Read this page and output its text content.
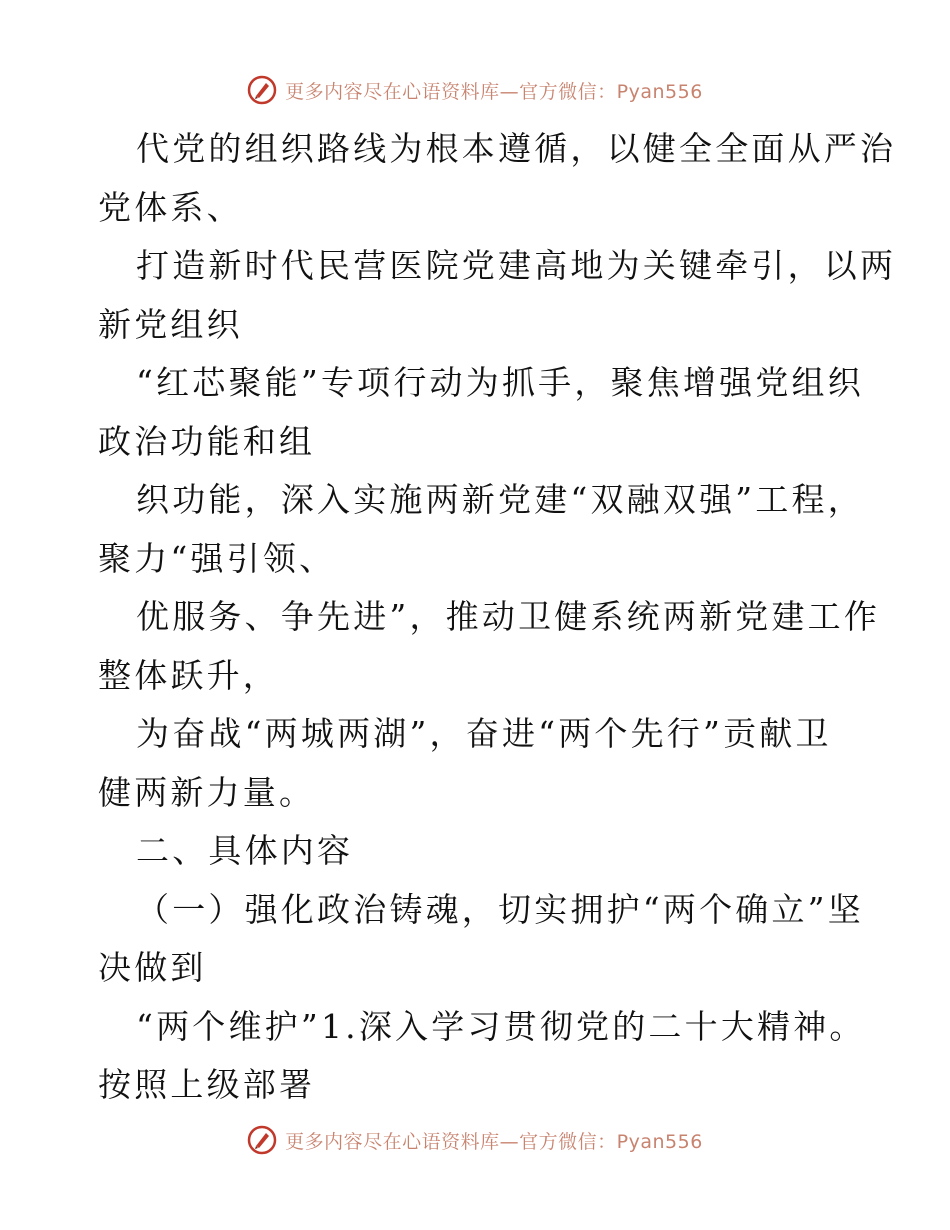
更多内容尽在心语资料库—官方微信：Pyan556
代党的组织路线为根本遵循，以健全全面从严治
党体系、
打造新时代民营医院党建高地为关键牵引，以两
新党组织
“红芯聚能”专项行动为抓手，聚焦增强党组织
政治功能和组
织功能，深入实施两新党建“双融双强”工程，
聚力“强引领、
优服务、争先进”，推动卫健系统两新党建工作
整体跃升，
为奋战“两城两湖”，奋进“两个先行”贡献卫
健两新力量。
二、具体内容
（一）强化政治铸魂，切实拥护“两个确立”坚
决做到
“两个维护”1.深入学习贯彻党的二十大精神。
按照上级部署
更多内容尽在心语资料库—官方微信：Pyan556
